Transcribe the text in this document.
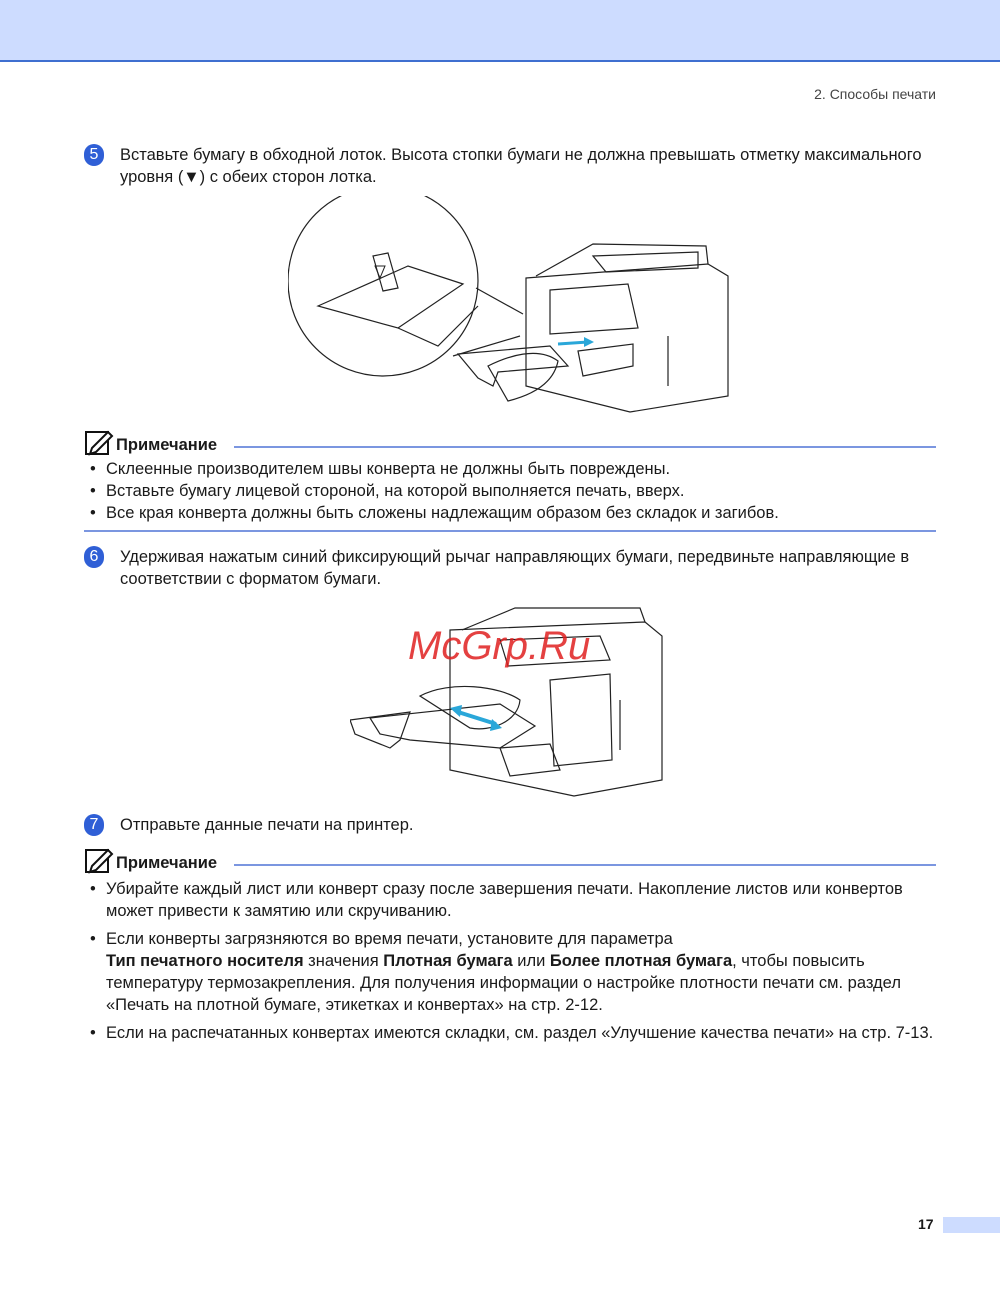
2. Способы печати
5	Вставьте бумагу в обходной лоток. Высота стопки бумаги не должна превышать отметку максимального уровня (▼) с обеих сторон лотка.
Примечание
• Склеенные производителем швы конверта не должны быть повреждены.
• Вставьте бумагу лицевой стороной, на которой выполняется печать, вверх.
• Все края конверта должны быть сложены надлежащим образом без складок и загибов.
6	Удерживая нажатым синий фиксирующий рычаг направляющих бумаги, передвиньте направляющие в соответствии с форматом бумаги.
McGrp.Ru
7	Отправьте данные печати на принтер.
Примечание
• Убирайте каждый лист или конверт сразу после завершения печати. Накопление листов или конвертов может привести к замятию или скручиванию.
• Если конверты загрязняются во время печати, установите для параметра
Тип печатного носителя значения Плотная бумага или Более плотная бумага, чтобы повысить температуру термозакрепления. Для получения информации о настройке плотности печати см. раздел «Печать на плотной бумаге, этикетках и конвертах» на стр. 2-12.
• Если на распечатанных конвертах имеются складки, см. раздел «Улучшение качества печати» на стр. 7-13.
17
